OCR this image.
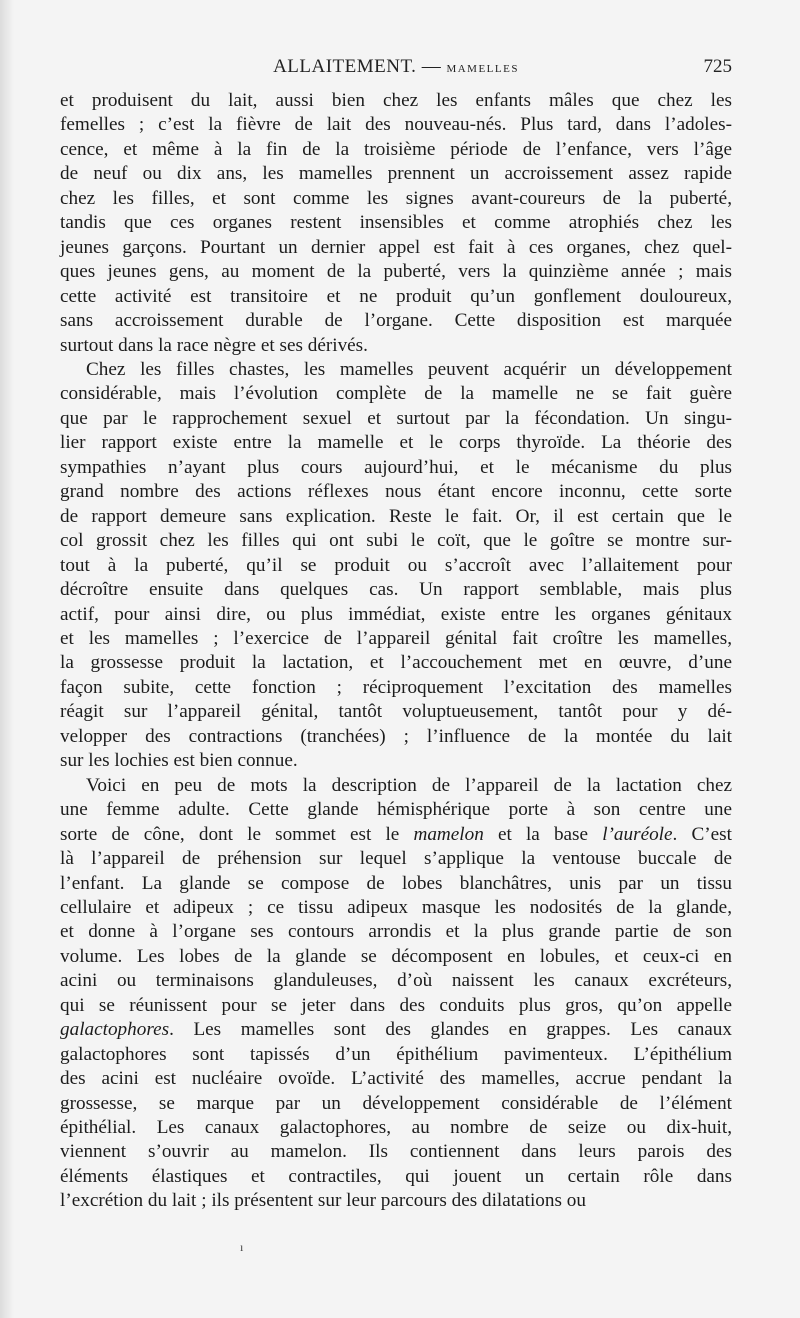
ALLAITEMENT. — MAMELLES	725
et produisent du lait, aussi bien chez les enfants mâles que chez les
femelles ; c’est la fièvre de lait des nouveau-nés. Plus tard, dans l’adoles-
cence, et même à la fin de la troisième période de l’enfance, vers l’âge
de neuf ou dix ans, les mamelles prennent un accroissement assez rapide
chez les filles, et sont comme les signes avant-coureurs de la puberté,
tandis que ces organes restent insensibles et comme atrophiés chez les
jeunes garçons. Pourtant un dernier appel est fait à ces organes, chez quel-
ques jeunes gens, au moment de la puberté, vers la quinzième année ; mais
cette activité est transitoire et ne produit qu’un gonflement douloureux,
sans accroissement durable de l’organe. Cette disposition est marquée
surtout dans la race nègre et ses dérivés.
Chez les filles chastes, les mamelles peuvent acquérir un développement
considérable, mais l’évolution complète de la mamelle ne se fait guère
que par le rapprochement sexuel et surtout par la fécondation. Un singu-
lier rapport existe entre la mamelle et le corps thyroïde. La théorie des
sympathies n’ayant plus cours aujourd’hui, et le mécanisme du plus
grand nombre des actions réflexes nous étant encore inconnu, cette sorte
de rapport demeure sans explication. Reste le fait. Or, il est certain que le
col grossit chez les filles qui ont subi le coït, que le goître se montre sur-
tout à la puberté, qu’il se produit ou s’accroît avec l’allaitement pour
décroître ensuite dans quelques cas. Un rapport semblable, mais plus
actif, pour ainsi dire, ou plus immédiat, existe entre les organes génitaux
et les mamelles ; l’exercice de l’appareil génital fait croître les mamelles,
la grossesse produit la lactation, et l’accouchement met en œuvre, d’une
façon subite, cette fonction ; réciproquement l’excitation des mamelles
réagit sur l’appareil génital, tantôt voluptueusement, tantôt pour y dé-
velopper des contractions (tranchées) ; l’influence de la montée du lait
sur les lochies est bien connue.
Voici en peu de mots la description de l’appareil de la lactation chez
une femme adulte. Cette glande hémisphérique porte à son centre une
sorte de cône, dont le sommet est le mamelon et la base l’auréole. C’est
là l’appareil de préhension sur lequel s’applique la ventouse buccale de
l’enfant. La glande se compose de lobes blanchâtres, unis par un tissu
cellulaire et adipeux ; ce tissu adipeux masque les nodosités de la glande,
et donne à l’organe ses contours arrondis et la plus grande partie de son
volume. Les lobes de la glande se décomposent en lobules, et ceux-ci en
acini ou terminaisons glanduleuses, d’où naissent les canaux excréteurs,
qui se réunissent pour se jeter dans des conduits plus gros, qu’on appelle
galactophores. Les mamelles sont des glandes en grappes. Les canaux
galactophores sont tapissés d’un épithélium pavimenteux. L’épithélium
des acini est nucléaire ovoïde. L’activité des mamelles, accrue pendant la
grossesse, se marque par un développement considérable de l’élément
épithélial. Les canaux galactophores, au nombre de seize ou dix-huit,
viennent s’ouvrir au mamelon. Ils contiennent dans leurs parois des
éléments élastiques et contractiles, qui jouent un certain rôle dans
l’excrétion du lait ; ils présentent sur leur parcours des dilatations ou
ı
